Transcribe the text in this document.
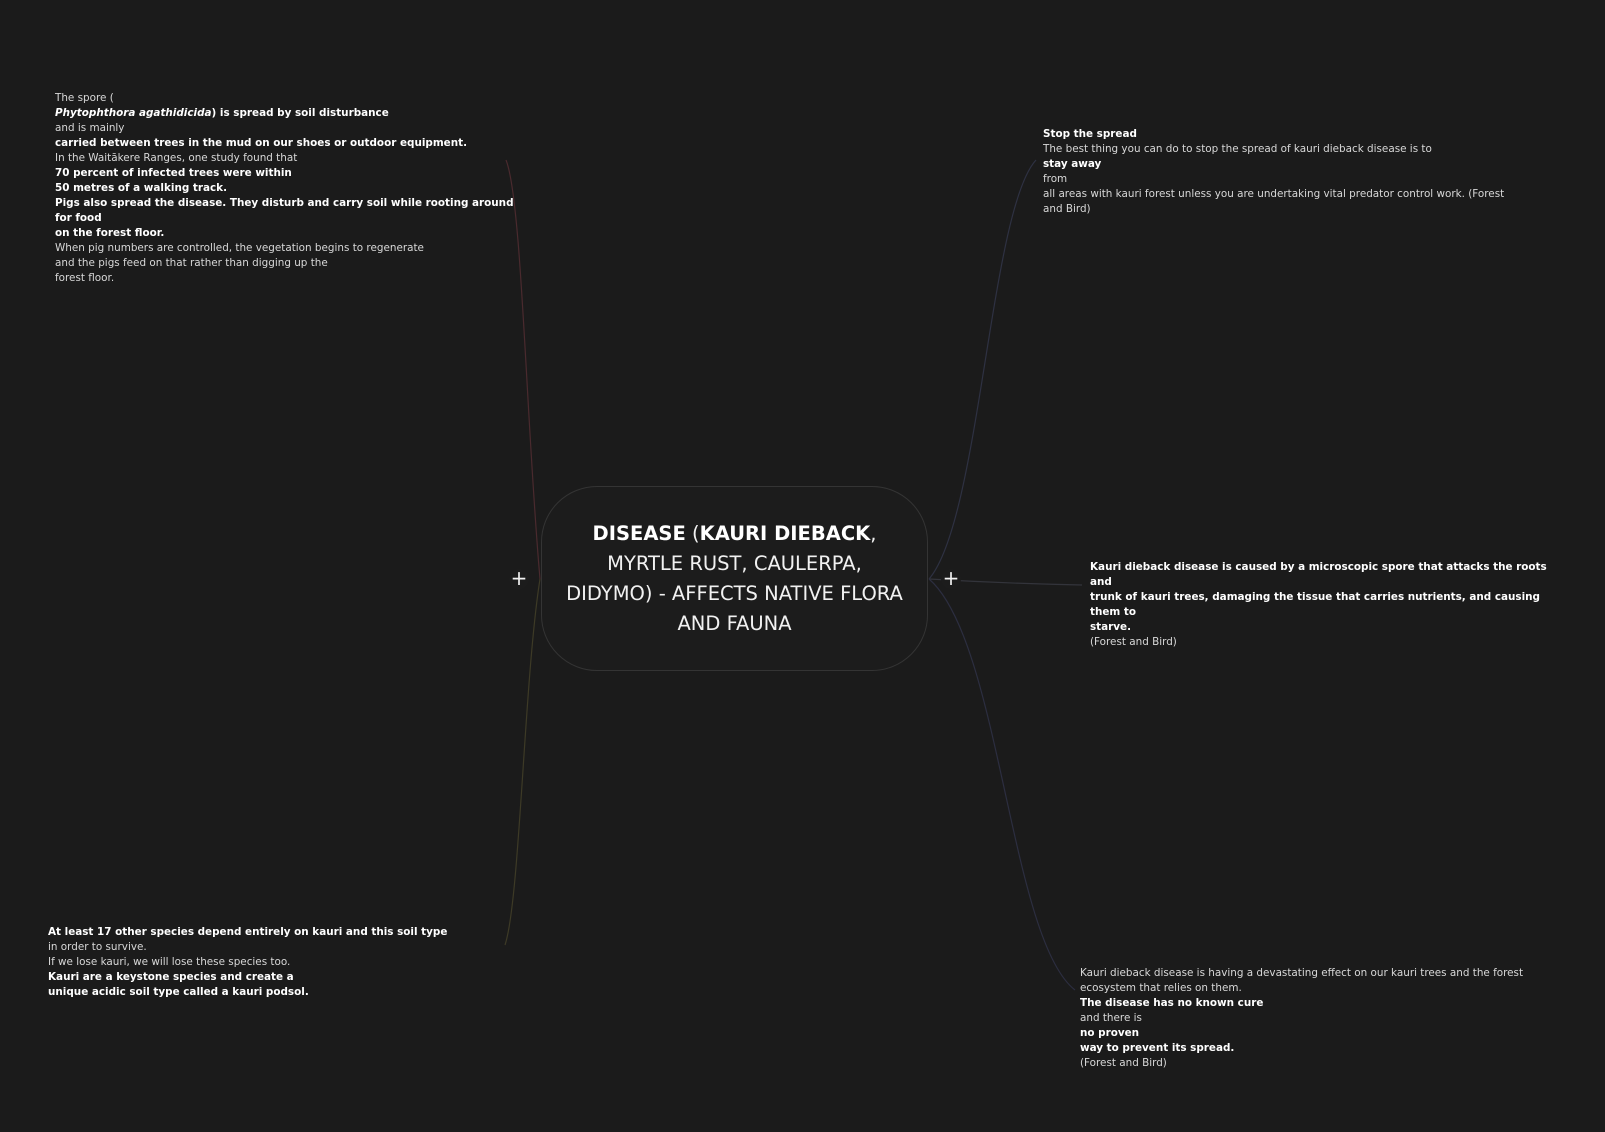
DISEASE (KAURI DIEBACK, MYRTLE RUST, CAULERPA, DIDYMO) - AFFECTS NATIVE FLORA AND FAUNA
+	+
The spore (
Phytophthora agathidicida) is spread by soil disturbance
and is mainly
carried between trees in the mud on our shoes or outdoor equipment.
In the Waitākere Ranges, one study found that
70 percent of infected trees were within
50 metres of a walking track.
Pigs also spread the disease. They disturb and carry soil while rooting around for food
on the forest floor.
When pig numbers are controlled, the vegetation begins to regenerate
and the pigs feed on that rather than digging up the
forest floor.
At least 17 other species depend entirely on kauri and this soil type
in order to survive.
If we lose kauri, we will lose these species too.
Kauri are a keystone species and create a
unique acidic soil type called a kauri podsol.
Stop the spread
The best thing you can do to stop the spread of kauri dieback disease is to
stay away
from
all areas with kauri forest unless you are undertaking vital predator control work. (Forest
and Bird)
Kauri dieback disease is caused by a microscopic spore that attacks the roots and
trunk of kauri trees, damaging the tissue that carries nutrients, and causing them to
starve.
(Forest and Bird)
Kauri dieback disease is having a devastating effect on our kauri trees and the forest
ecosystem that relies on them.
The disease has no known cure
and there is
no proven
way to prevent its spread.
(Forest and Bird)
